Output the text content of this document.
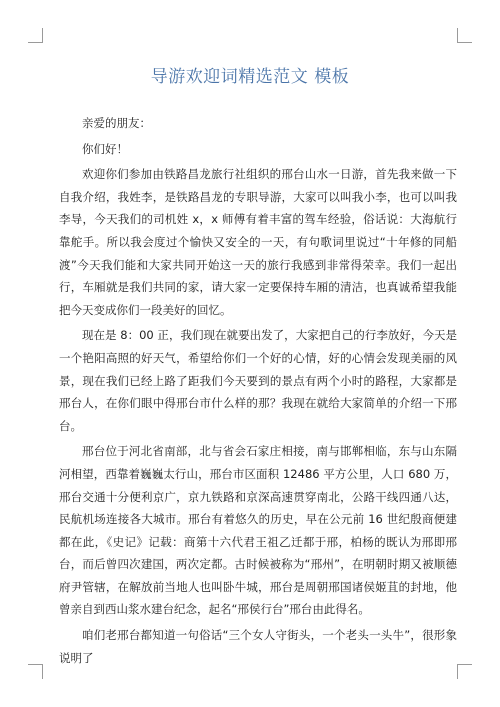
导游欢迎词精选范文 模板

亲爱的朋友：

你们好！

欢迎你们参加由铁路昌龙旅行社组织的邢台山水一日游，首先我来做一下自我介绍，我姓李，是铁路昌龙的专职导游，大家可以叫我小李，也可以叫我李导，今天我们的司机姓 x，x 师傅有着丰富的驾车经验，俗话说：大海航行靠舵手。所以我会度过个愉快又安全的一天，有句歌词里说过“十年修的同船渡”今天我们能和大家共同开始这一天的旅行我感到非常得荣幸。我们一起出行，车厢就是我们共同的家，请大家一定要保持车厢的清洁，也真诚希望我能把今天变成你们一段美好的回忆。

现在是 8：00 正，我们现在就要出发了，大家把自己的行李放好，今天是一个艳阳高照的好天气，希望给你们一个好的心情，好的心情会发现美丽的风景，现在我们已经上路了距我们今天要到的景点有两个小时的路程，大家都是邢台人，在你们眼中得邢台市什么样的那？我现在就给大家简单的介绍一下邢台。

邢台位于河北省南部，北与省会石家庄相接，南与邯郸相临，东与山东隔河相望，西靠着巍巍太行山，邢台市区面积 12486 平方公里，人口 680 万，邢台交通十分便利京广，京九铁路和京深高速贯穿南北，公路干线四通八达，民航机场连接各大城市。邢台有着悠久的历史，早在公元前 16 世纪殷商便建都在此，《史记》记载：商第十六代君王祖乙迁都于邢，柏杨的既认为邢即邢台，而后曾四次建国，两次定都。古时候被称为“邢州”，在明朝时期又被顺德府尹管辖，在解放前当地人也叫卧牛城，邢台是周朝邢国诸侯姬苴的封地，他曾亲自到西山浆水建台纪念，起名“邢侯行台”邢台由此得名。

咱们老邢台都知道一句俗话“三个女人守街头，一个老头一头牛”，很形象说明了
